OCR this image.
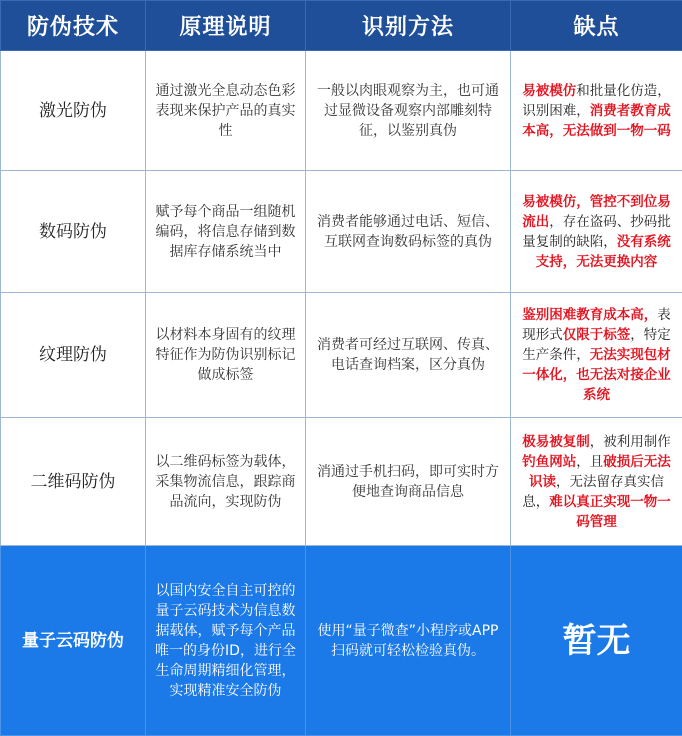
防伪技术	原理说明	识别方法	缺点
激光防伪	通过激光全息动态色彩表现来保护产品的真实性	一般以肉眼观察为主，也可通过显微设备观察内部雕刻特征，以鉴别真伪	易被模仿和批量化仿造，识别困难，消费者教育成本高，无法做到一物一码
数码防伪	赋予每个商品一组随机编码，将信息存储到数据库存储系统当中	消费者能够通过电话、短信、互联网查询数码标签的真伪	易被模仿，管控不到位易流出，存在盗码、抄码批量复制的缺陷，没有系统支持，无法更换内容
纹理防伪	以材料本身固有的纹理特征作为防伪识别标记做成标签	消费者可经过互联网、传真、电话查询档案，区分真伪	鉴别困难教育成本高，表现形式仅限于标签，特定生产条件，无法实现包材一体化，也无法对接企业系统
二维码防伪	以二维码标签为载体，采集物流信息，跟踪商品流向，实现防伪	消通过手机扫码，即可实时方便地查询商品信息	极易被复制，被利用制作钓鱼网站，且破损后无法识读，无法留存真实信息，难以真正实现一物一码管理
量子云码防伪	以国内安全自主可控的量子云码技术为信息数据载体，赋予每个产品唯一的身份ID，进行全生命周期精细化管理，实现精准安全防伪	使用“量子微查”小程序或APP扫码就可轻松检验真伪。	暂无
